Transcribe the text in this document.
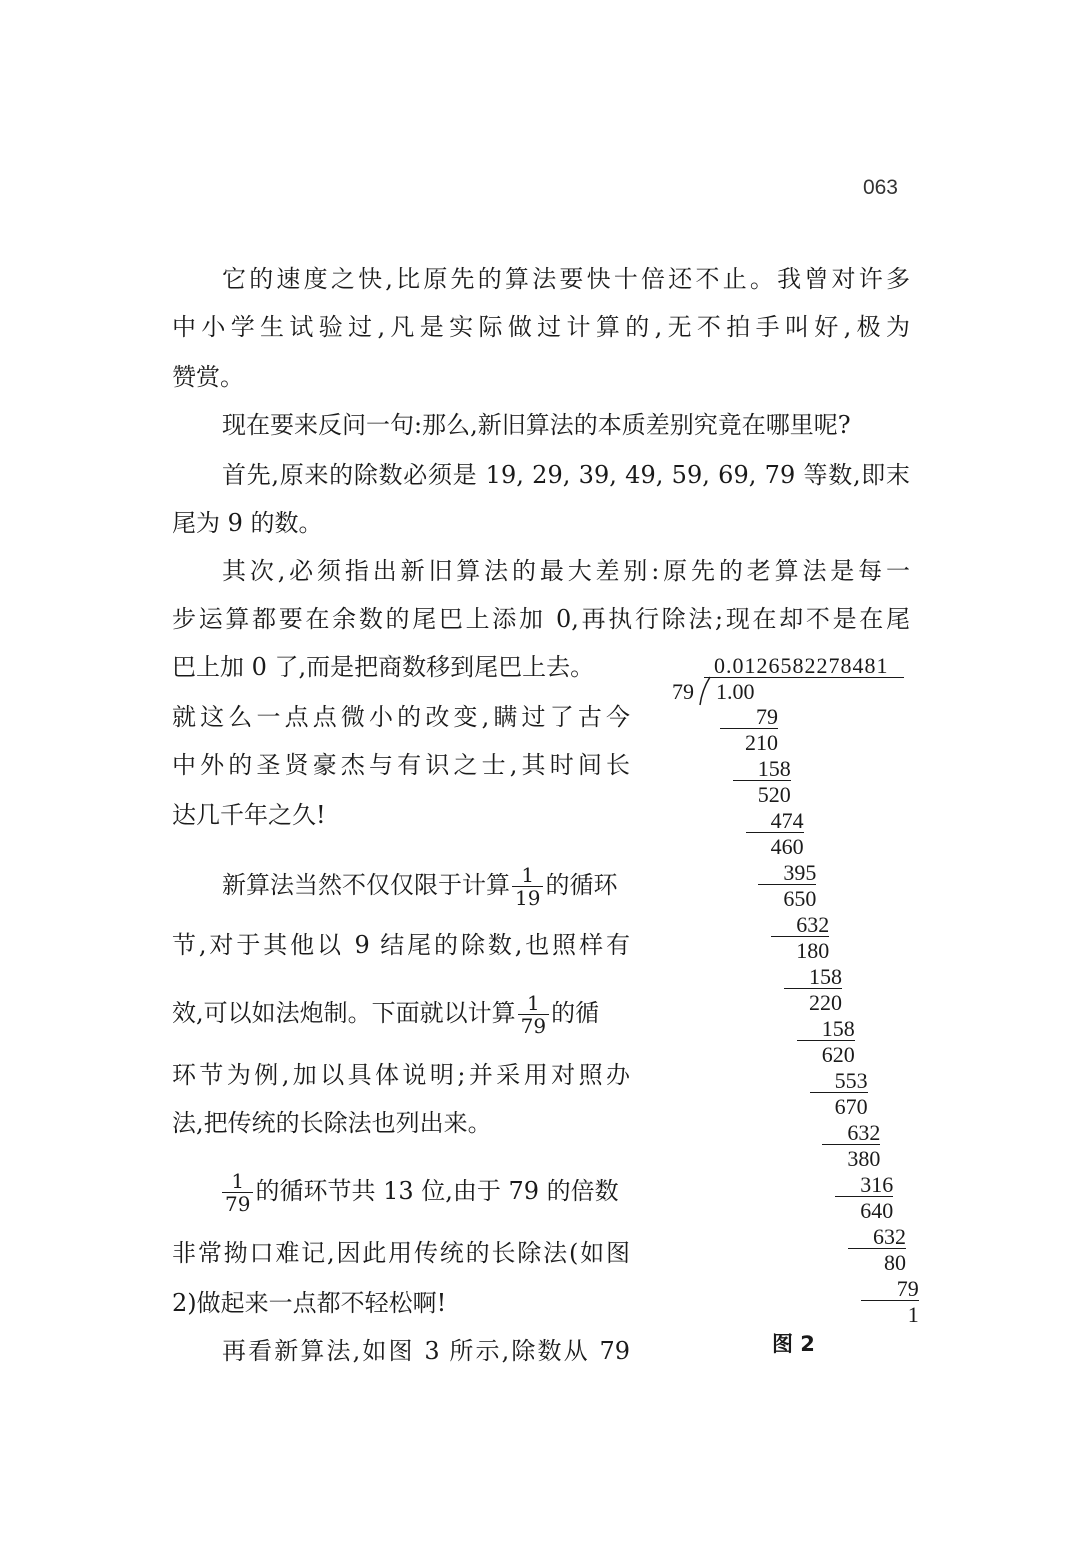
063
它的速度之快,比原先的算法要快十倍还不止。我曾对许多
中小学生试验过,凡是实际做过计算的,无不拍手叫好,极为
赞赏。
现在要来反问一句:那么,新旧算法的本质差别究竟在哪里呢?
首先,原来的除数必须是 19, 29, 39, 49, 59, 69, 79 等数,即末
尾为 9 的数。
其次,必须指出新旧算法的最大差别:原先的老算法是每一
步运算都要在余数的尾巴上添加 0,再执行除法;现在却不是在尾
巴上加 0 了,而是把商数移到尾巴上去。
就这么一点点微小的改变,瞒过了古今
中外的圣贤豪杰与有识之士,其时间长
达几千年之久!
新算法当然不仅仅限于计算 $\frac{1}{19}$ 的循环
节,对于其他以 9 结尾的除数,也照样有
效,可以如法炮制。下面就以计算 $\frac{1}{79}$ 的循
环节为例,加以具体说明;并采用对照办
法,把传统的长除法也列出来。
$\frac{1}{79}$ 的循环节共 13 位,由于 79 的倍数
非常拗口难记,因此用传统的长除法(如图
2)做起来一点都不轻松啊!
再看新算法,如图 3 所示,除数从 79
0.0126582278481
79 1.00
79
210
158
520
474
460
395
650
632
180
158
220
158
620
553
670
632
380
316
640
632
80
79
1
图 2
